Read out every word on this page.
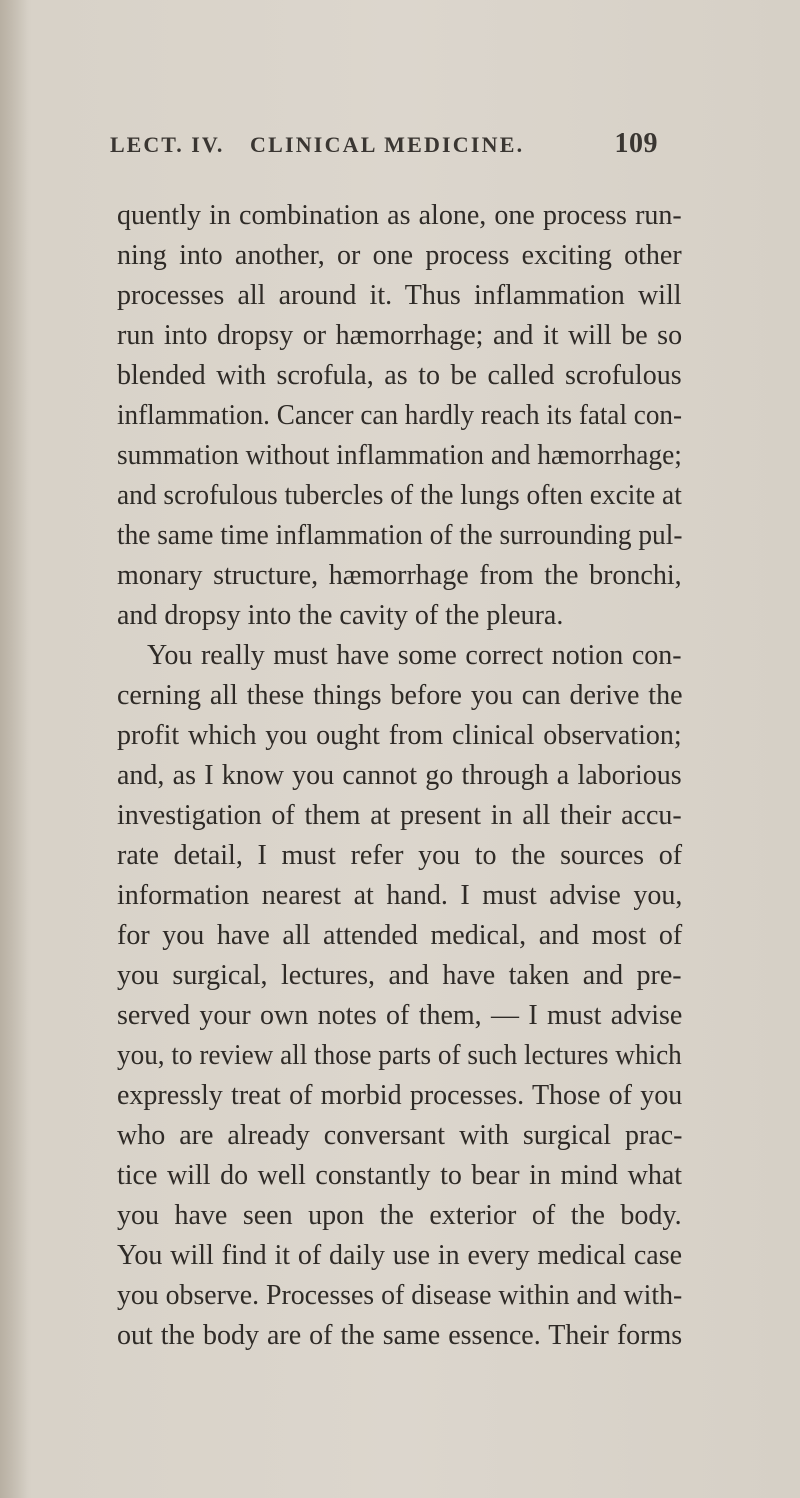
LECT. IV. CLINICAL MEDICINE.	109
quently in combination as alone, one process run-
ning into another, or one process exciting other
processes all around it. Thus inflammation will
run into dropsy or hæmorrhage; and it will be so
blended with scrofula, as to be called scrofulous
inflammation. Cancer can hardly reach its fatal con-
summation without inflammation and hæmorrhage;
and scrofulous tubercles of the lungs often excite at
the same time inflammation of the surrounding pul-
monary structure, hæmorrhage from the bronchi,
and dropsy into the cavity of the pleura.
You really must have some correct notion con-
cerning all these things before you can derive the
profit which you ought from clinical observation;
and, as I know you cannot go through a laborious
investigation of them at present in all their accu-
rate detail, I must refer you to the sources of
information nearest at hand. I must advise you,
for you have all attended medical, and most of
you surgical, lectures, and have taken and pre-
served your own notes of them, — I must advise
you, to review all those parts of such lectures which
expressly treat of morbid processes. Those of you
who are already conversant with surgical prac-
tice will do well constantly to bear in mind what
you have seen upon the exterior of the body.
You will find it of daily use in every medical case
you observe. Processes of disease within and with-
out the body are of the same essence. Their forms
